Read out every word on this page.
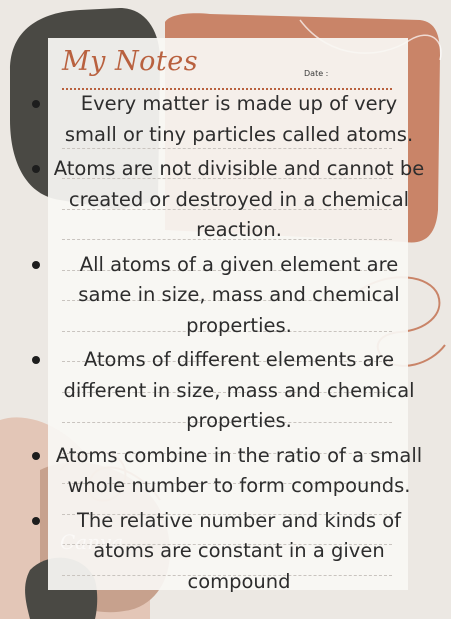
My Notes	Date :
Canva
Every matter is made up of very small or tiny particles called atoms.
Atoms are not divisible and cannot be created or destroyed in a chemical reaction.
All atoms of a given element are same in size, mass and chemical properties.
Atoms of different elements are different in size, mass and chemical properties.
Atoms combine in the ratio of a small whole number to form compounds.
The relative number and kinds of atoms are constant in a given compound
